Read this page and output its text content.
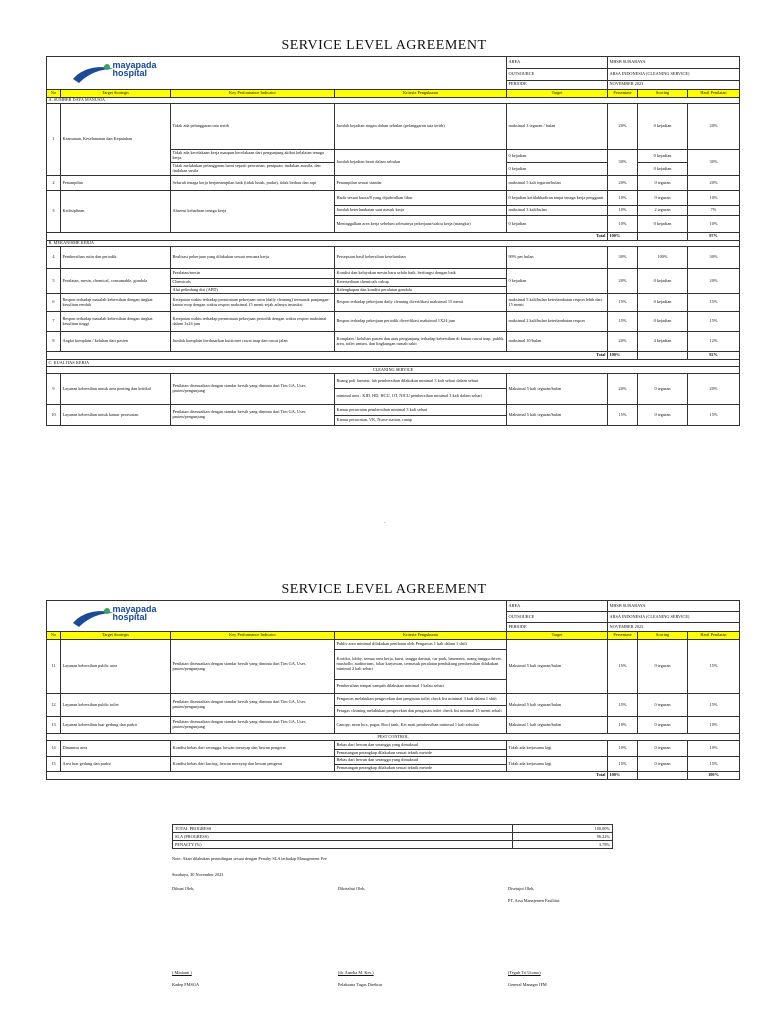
SERVICE LEVEL AGREEMENT
mayapada
hospital				AREA	MHSB SURABAYA		
				OUTSOURCE	ARSA INDONESIA (CLEANING SERVICE)		
				PERIODE	NOVEMBER 2023		
No	Target Strategis	Key Performance Indicator	Kriteria Pengukuran	Target	Persentase	Scoring	Hasil Penilaian
A. SUMBER DAYA MANUSIA							
1	Keamanan, Keselamatan dan Kepatuhan	Tidak ada pelanggaran tata tertib	Jumlah kejadian ringan dalam sebulan (pelanggaran tata tertib)	maksimal 3 teguran / bulan	20%	0 kejadian	20%
		Tidak ada kecelakaan kerja maupun kecelakaan dari pengunjung akibat kelalaian tenaga kerja.	Jumlah kejadian berat dalam sebulan	0 kejadian	30%	0 kejadian	30%
		Tidak melakukan pelanggaran berat seperti pencurian, penipuan, tindakan asusila, dan tindakan susila		0 kejadian		0 kejadian	
2	Penampilan	Seluruh tenaga kerja berpenampilan baik (tidak lusuh, pudar), tidak berbau dan rapi	Penampilan sesuai standar	maksimal 5 kali teguran/bulan	20%	0 teguran	20%
3	Kedisiplinan	Absensi kehadiran tenaga kerja	Hadir sesuai kuota/8 yang dijadwalkan libur	0 kejadian ketidakhadiran tanpa tenaga kerja pengganti	10%	0 teguran	10%
			Jumlah keterlambatan saat masuk kerja	maksimal 3 kali/bulan	10%	2 teguran	7%
			Meninggalkan area kerja sebelum selesainya pekerjaan/waktu kerja (mangkir)	0 kejadian	10%	0 kejadian	10%
Total					100%		97%
B. MEKANISME KERJA							
4	Pembersihan rutin dan periodik	Realisasi pekerjaan yang dilakukan sesuai rencana kerja	Persepsian hasil kebersihan keseluruhan	90% per bulan	30%	100%	30%
5	Peralatan, mesin, chemical, consumable, gondola	Peralatan/mesin	Kondisi dan kelayakan mesin baru selalu baik, berfungsi dengan baik	0 kejadian	20%	0 kejadian	20%
		Chemicals	Ketersediaan chemicals cukup				
		Alat pelindung diri (APD)	Kelengkapan dan kondisi peralatan gondola				
6	Respon terhadap masalah kebersihan dengan tingkat kesulitan rendah	Ketepatan waktu terhadap permintaan pekerjaan rutin (daily cleaning) termasuk panjangan-kamar mop dengan waktu respon maksimal 15 menit sejak adanya instruksi	Respon terhadap pekerjaan daily cleaning diverifikasi maksimal 15 menit	maksimal 5 kali/bulan keterlambatan respon lebih dari 15 menit	15%	0 kejadian	15%
7	Respon terhadap masalah kebersihan dengan tingkat kesulitan tinggi	Ketepatan waktu terhadap permintaan pekerjaan periodik dengan waktu respon maksimal dalam 1x24 jam	Respon terhadap pekerjaan periodik diverifikasi maksimal 1X24 jam	maksimal 2 kali/bulan keterlambatan respon	15%	0 kejadian	15%
8	Angka komplain / keluhan dari pasien	Jumlah komplain berdasarkan kuisioner rawat inap dan rawat jalan	Komplain / keluhan pasien dan atau pengunjung terhadap kebersihan di kamar rawat inap, publik area, toilet umum, dan lingkungan rumah sakit	maksimal 10/bulan	20%	4 kejadian	12%
Total					100%		92%
C. KUALITAS KERJA							
CLEANING SERVICE							
9	Layanan kebersihan untuk area penting dan kritikal	Penilaian disesuaikan dengan standar bersih yang diminta dari Tim GA, User, pasien/pengunjung	Ruang poli farmasi, lab pembersihan dilakukan minimal 3 kali sehari dalam sehari	Maksimal 5 kali teguran/bulan	20%	0 teguran	20%
			minimal area : KID, HD, HCU, OT, NICU pembersihan minimal 3 kali dalam sehari				
10	Layanan kebersihan untuk kamar perawatan	Penilaian disesuaikan dengan standar bersih yang diminta dari Tim GA, User, pasien/pengunjung	Kamar perawatan pembersihan minimal 3 kali sehari	Maksimal 5 kali teguran/bulan	15%	0 teguran	15%
			Kamar perawatan, VK, Nurse station, ranap				
-
SERVICE LEVEL AGREEMENT
mayapada
hospital				AREA	MHSB SURABAYA		
				OUTSOURCE	ARSA INDONESIA (CLEANING SERVICE)		
				PERIODE	NOVEMBER 2023		
No	Target Strategis	Key Performance Indicator	Kriteria Pengukuran	Target	Persentase	Scoring	Hasil Penilaian
11	Layanan kebersihan public area	Penilaian disesuaikan dengan standar bersih yang diminta dari Tim GA, User, pasien/pengunjung	Public area minimal dilakukan penilaian oleh Pengawas 1 kali dalam 1 shift	Maksimal 5 kali teguran/bulan	15%	0 teguran	15%
			Koridor, lobby, semua area kerja, kursi, tangga darurat, car park, basement, ruang tunggu driver, mushollo, auditorium, lokar karyawan, termasuk peralatan pendukung pembersihan dilakukan minimal 2 kali sehari				
			Pembersihan tempat sampah dilakukan minimal 1 kalau sehari				
12	Layanan kebersihan public toilet	Penilaian disesuaikan dengan standar bersih yang diminta dari Tim GA, User, pasien/pengunjung	Pengawas melakukan pengecekan dan pengisian toilet check list minimal 3 kali dalam 1 shift	Maksimal 5 kali teguran/bulan	15%	0 teguran	15%
			Petugas cleaning melakukan pengecekan dan pengisian toilet check list minimal 15 menit sekali				
13	Layanan kebersihan luar gedung dan parkir	Penilaian disesuaikan dengan standar bersih yang diminta dari Tim GA, User, pasien/pengunjung	Canopy, neon box, pagar, Roof tank, Ket mati pembersihan minimal 1 kali sebulan	Maksimal 1 kali teguran/bulan	10%	0 teguran	10%
PEST CONTROL							
14	Dinamisa area	Kondisi bebas dari serangga, hewan merayap dan hewan pengerat	Bebas dari hewan dan serangga yang dimaksud	Tidak ada kerjasama lagi	10%	0 teguran	10%
			Pemasangan perangkap dilakukan sesuai teknik metode				
15	Area luar gedung dan parkir	Kondisi bebas dari kucing, hewan merayap dan hewan pengerat	Bebas dari hewan dan serangga yang dimaksud	Tidak ada kerjasama lagi	15%	0 teguran	15%
			Pemasangan perangkap dilakukan sesuai teknik metode				
Total					100%		100%
TOTAL PROGRESS	100,00%
SLA (PROGRESS)	96,22%
PENALTY (%)	3,78%
Note: Akan dilakukan perundingan sesuai dengan Penalty SLA terhadap Management Fee
Surabaya, 30 November 2023
Dibuat Oleh,	Diketahui Oleh,	Disetujui Oleh,
PT. Arsa Manajemen Fasilitas
( Minianti )	(dr. Amelia M. Kes.)	(Teguh Tri Utomo)
Kadep FMSGA	Pelaksana Tugas Direktur	General Manager IFM
